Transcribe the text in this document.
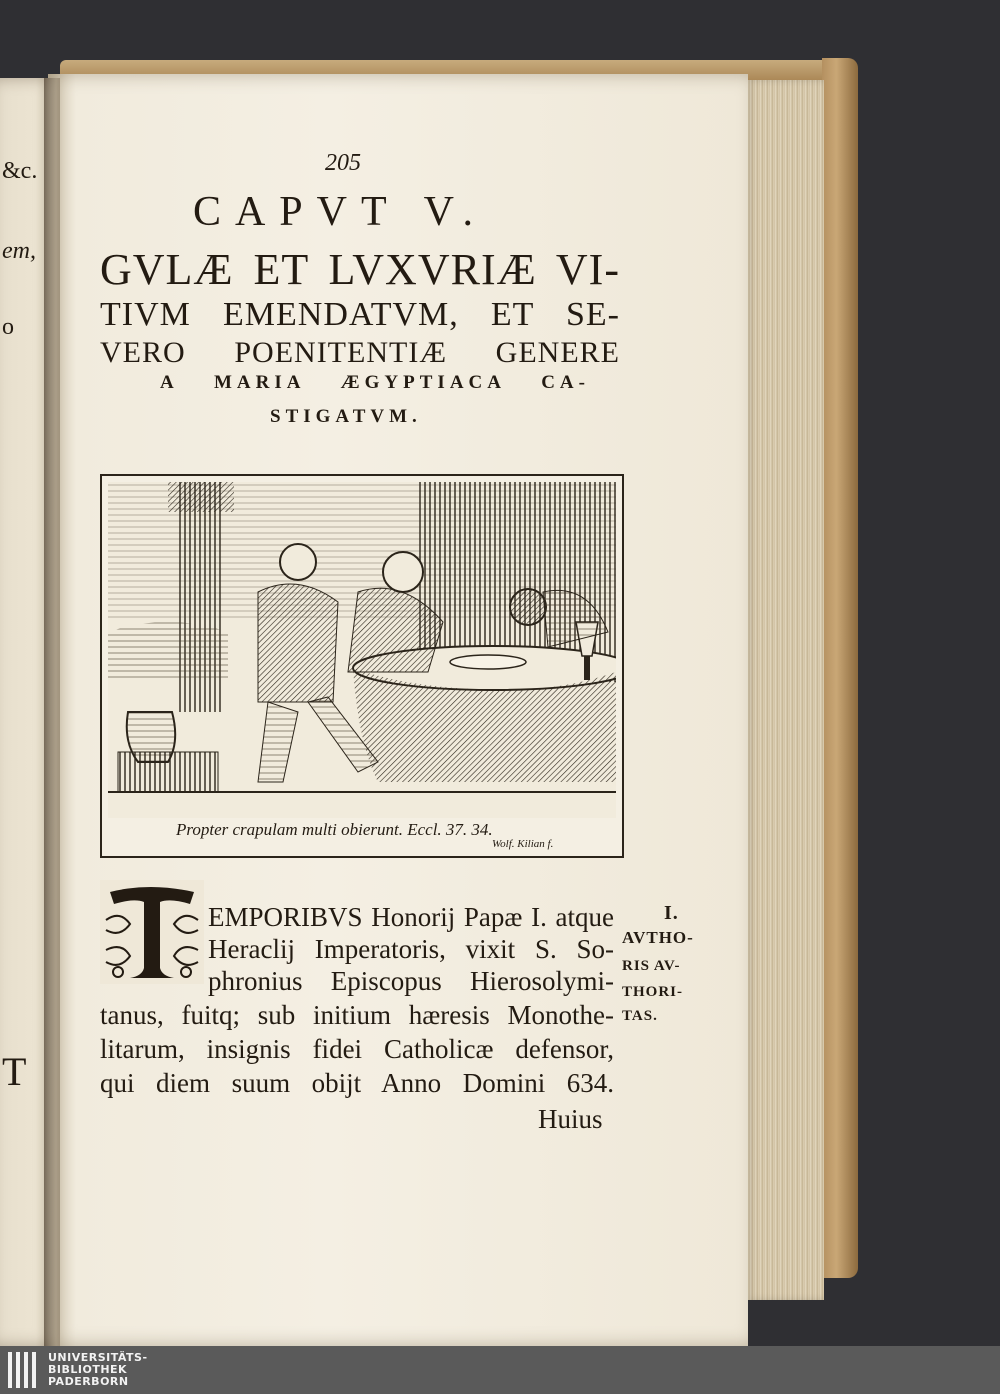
&c.
em,
o
T
205
CAPVT V.
GVLÆ ET LVXVRIÆ VI-
TIVM EMENDATVM, ET SE-
VERO POENITENTIÆ GENERE
A MARIA ÆGYPTIACA CA-
STIGATVM.
Propter crapulam multi obierunt. Eccl. 37. 34.
Wolf. Kilian f.
EMPORIBVS Honorij Papæ I. atque
Heraclij Imperatoris, vixit S. So-
phronius Episcopus Hierosolymi-
tanus, fuitq; sub initium hæresis Monothe-
litarum, insignis fidei Catholicæ defensor,
qui diem suum obijt Anno Domini 634.
Huius
I.
AVTHO-
RIS AV-
THORI-
TAS.
UNIVERSITÄTS-
BIBLIOTHEK
PADERBORN
